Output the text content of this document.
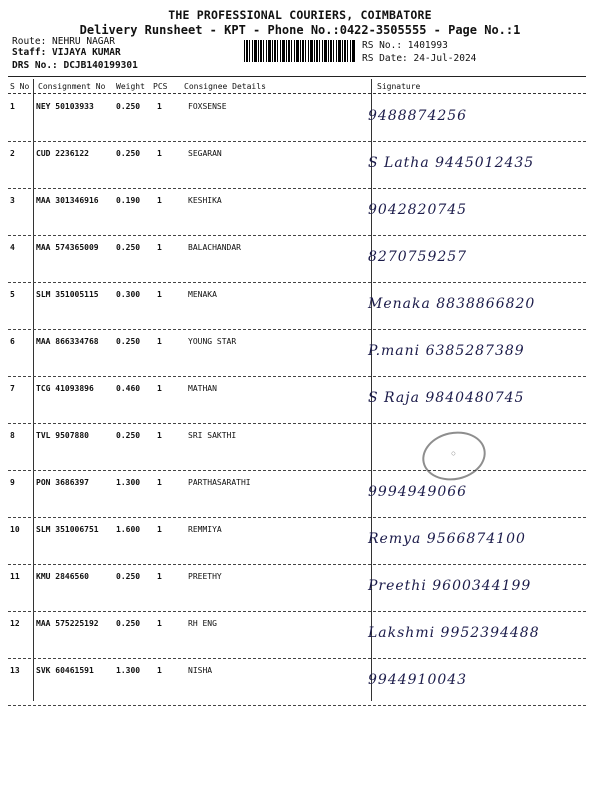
THE PROFESSIONAL COURIERS, COIMBATORE
Delivery Runsheet - KPT - Phone No.:0422-3505555 - Page No.:1
Route: NEHRU NAGAR
Staff: VIJAYA KUMAR
DRS No.: DCJB140199301
RS No.: 1401993
RS Date: 24-Jul-2024
S No Consignment No Weight PCS Consignee Details	Signature
1	NEY 50103933	0.250 1	FOXSENSE
9488874256
2	CUD 2236122	0.250 1	SEGARAN
S Latha 9445012435
3	MAA 301346916 0.190 1	KESHIKA
9042820745
4	MAA 574365009 0.250 1	BALACHANDAR
8270759257
5	SLM 351005115 0.300 1	MENAKA
Menaka 8838866820
6	MAA 866334768 0.250 1	YOUNG STAR
P.mani 6385287389
7	TCG 41093896	0.460 1	MATHAN
S Raja 9840480745
8	TVL 9507880	0.250 1	SRI SAKTHI
9	PON 3686397	1.300 1	PARTHASARATHI
9994949066
10 SLM 351006751 1.600 1	REMMIYA
Remya 9566874100
11 KMU 2846560	0.250 1	PREETHY
Preethi 9600344199
12 MAA 575225192 0.250 1	RH ENG
Lakshmi 9952394488
13 SVK 60461591	1.300 1	NISHA
9944910043
◯
